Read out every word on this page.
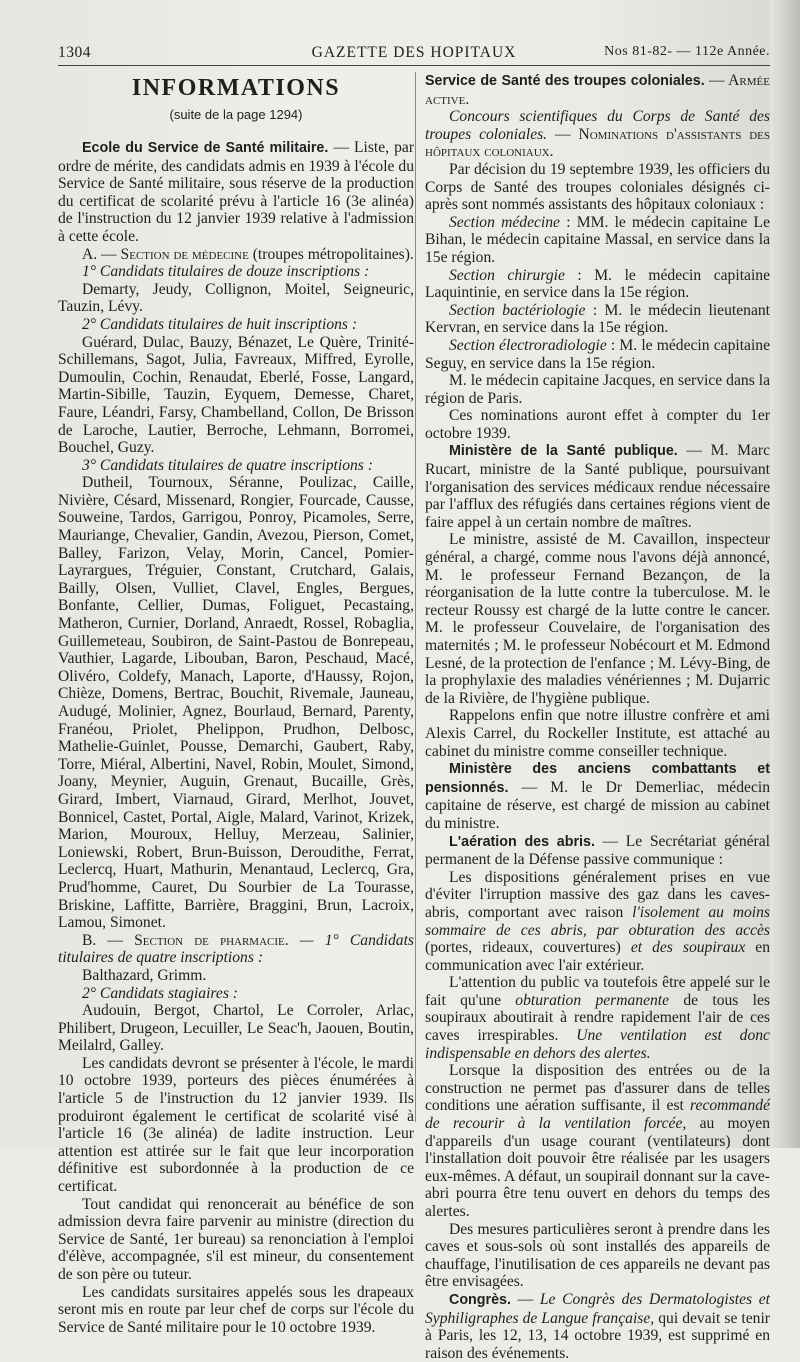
1304	GAZETTE DES HOPITAUX	Nos 81-82- — 112e Année.
INFORMATIONS
(suite de la page 1294)

Ecole du Service de Santé militaire. — Liste, par ordre de mérite, des candidats admis en 1939 à l'école du Service de Santé militaire, sous réserve de la production du certificat de scolarité prévu à l'article 16 (3e alinéa) de l'instruction du 12 janvier 1939 relative à l'admission à cette école.

A. — Section de médecine (troupes métropolitaines).

1° Candidats titulaires de douze inscriptions :

Demarty, Jeudy, Collignon, Moitel, Seigneuric, Tauzin, Lévy.

2° Candidats titulaires de huit inscriptions :

Guérard, Dulac, Bauzy, Bénazet, Le Quère, Trinité-Schillemans, Sagot, Julia, Favreaux, Miffred, Eyrolle, Dumoulin, Cochin, Renaudat, Eberlé, Fosse, Langard, Martin-Sibille, Tauzin, Eyquem, Demesse, Charet, Faure, Léandri, Farsy, Chambelland, Collon, De Brisson de Laroche, Lautier, Berroche, Lehmann, Borromei, Bouchel, Guzy.

3° Candidats titulaires de quatre inscriptions :

Dutheil, Tournoux, Séranne, Poulizac, Caille, Nivière, Césard, Missenard, Rongier, Fourcade, Causse, Souweine, Tardos, Garrigou, Ponroy, Picamoles, Serre, Mauriange, Chevalier, Gandin, Avezou, Pierson, Comet, Balley, Farizon, Velay, Morin, Cancel, Pomier-Layrargues, Tréguier, Constant, Crutchard, Galais, Bailly, Olsen, Vulliet, Clavel, Engles, Bergues, Bonfante, Cellier, Dumas, Foliguet, Pecastaing, Matheron, Curnier, Dorland, Anraedt, Rossel, Robaglia, Guillemeteau, Soubiron, de Saint-Pastou de Bonrepeau, Vauthier, Lagarde, Libouban, Baron, Peschaud, Macé, Olivéro, Coldefy, Manach, Laporte, d'Haussy, Rojon, Chièze, Domens, Bertrac, Bouchit, Rivemale, Jauneau, Audugé, Molinier, Agnez, Bourlaud, Bernard, Parenty, Franéou, Priolet, Phelippon, Prudhon, Delbosc, Mathelie-Guinlet, Pousse, Demarchi, Gaubert, Raby, Torre, Miéral, Albertini, Navel, Robin, Moulet, Simond, Joany, Meynier, Auguin, Grenaut, Bucaille, Grès, Girard, Imbert, Viarnaud, Girard, Merlhot, Jouvet, Bonnicel, Castet, Portal, Aigle, Malard, Varinot, Krizek, Marion, Mouroux, Helluy, Merzeau, Salinier, Loniewski, Robert, Brun-Buisson, Deroudithe, Ferrat, Leclercq, Huart, Mathurin, Menantaud, Leclercq, Gra, Prud'homme, Cauret, Du Sourbier de La Tourasse, Briskine, Laffitte, Barrière, Braggini, Brun, Lacroix, Lamou, Simonet.

B. — Section de pharmacie. — 1° Candidats titulaires de quatre inscriptions :

Balthazard, Grimm.

2° Candidats stagiaires :

Audouin, Bergot, Chartol, Le Corroler, Arlac, Philibert, Drugeon, Lecuiller, Le Seac'h, Jaouen, Boutin, Meilalrd, Galley.

Les candidats devront se présenter à l'école, le mardi 10 octobre 1939, porteurs des pièces énumérées à l'article 5 de l'instruction du 12 janvier 1939. Ils produiront également le certificat de scolarité visé à l'article 16 (3e alinéa) de ladite instruction. Leur attention est attirée sur le fait que leur incorporation définitive est subordonnée à la production de ce certificat.

Tout candidat qui renoncerait au bénéfice de son admission devra faire parvenir au ministre (direction du Service de Santé, 1er bureau) sa renonciation à l'emploi d'élève, accompagnée, s'il est mineur, du consentement de son père ou tuteur.

Les candidats sursitaires appelés sous les drapeaux seront mis en route par leur chef de corps sur l'école du Service de Santé militaire pour le 10 octobre 1939.

Service de Santé des troupes coloniales. — Armée active.

Concours scientifiques du Corps de Santé des troupes coloniales. — Nominations d'assistants des hôpitaux coloniaux.

Par décision du 19 septembre 1939, les officiers du Corps de Santé des troupes coloniales désignés ci-après sont nommés assistants des hôpitaux coloniaux :

Section médecine : MM. le médecin capitaine Le Bihan, le médecin capitaine Massal, en service dans la 15e région.

Section chirurgie : M. le médecin capitaine Laquintinie, en service dans la 15e région.

Section bactériologie : M. le médecin lieutenant Kervran, en service dans la 15e région.

Section électroradiologie : M. le médecin capitaine Seguy, en service dans la 15e région.

M. le médecin capitaine Jacques, en service dans la région de Paris.

Ces nominations auront effet à compter du 1er octobre 1939.

Ministère de la Santé publique. — M. Marc Rucart, ministre de la Santé publique, poursuivant l'organisation des services médicaux rendue nécessaire par l'afflux des réfugiés dans certaines régions vient de faire appel à un certain nombre de maîtres.

Le ministre, assisté de M. Cavaillon, inspecteur général, a chargé, comme nous l'avons déjà annoncé, M. le professeur Fernand Bezançon, de la réorganisation de la lutte contre la tuberculose. M. le recteur Roussy est chargé de la lutte contre le cancer. M. le professeur Couvelaire, de l'organisation des maternités ; M. le professeur Nobécourt et M. Edmond Lesné, de la protection de l'enfance ; M. Lévy-Bing, de la prophylaxie des maladies vénériennes ; M. Dujarric de la Rivière, de l'hygiène publique.

Rappelons enfin que notre illustre confrère et ami Alexis Carrel, du Rockeller Institute, est attaché au cabinet du ministre comme conseiller technique.

Ministère des anciens combattants et pensionnés. — M. le Dr Demerliac, médecin capitaine de réserve, est chargé de mission au cabinet du ministre.

L'aération des abris. — Le Secrétariat général permanent de la Défense passive communique :

Les dispositions généralement prises en vue d'éviter l'irruption massive des gaz dans les caves-abris, comportant avec raison l'isolement au moins sommaire de ces abris, par obturation des accès (portes, rideaux, couvertures) et des soupiraux en communication avec l'air extérieur.

L'attention du public va toutefois être appelé sur le fait qu'une obturation permanente de tous les soupiraux aboutirait à rendre rapidement l'air de ces caves irrespirables. Une ventilation est donc indispensable en dehors des alertes.

Lorsque la disposition des entrées ou de la construction ne permet pas d'assurer dans de telles conditions une aération suffisante, il est recommandé de recourir à la ventilation forcée, au moyen d'appareils d'un usage courant (ventilateurs) dont l'installation doit pouvoir être réalisée par les usagers eux-mêmes. A défaut, un soupirail donnant sur la cave-abri pourra être tenu ouvert en dehors du temps des alertes.

Des mesures particulières seront à prendre dans les caves et sous-sols où sont installés des appareils de chauffage, l'inutilisation de ces appareils ne devant pas être envisagées.

Congrès. — Le Congrès des Dermatologistes et Syphiligraphes de Langue française, qui devait se tenir à Paris, les 12, 13, 14 octobre 1939, est supprimé en raison des événements.
